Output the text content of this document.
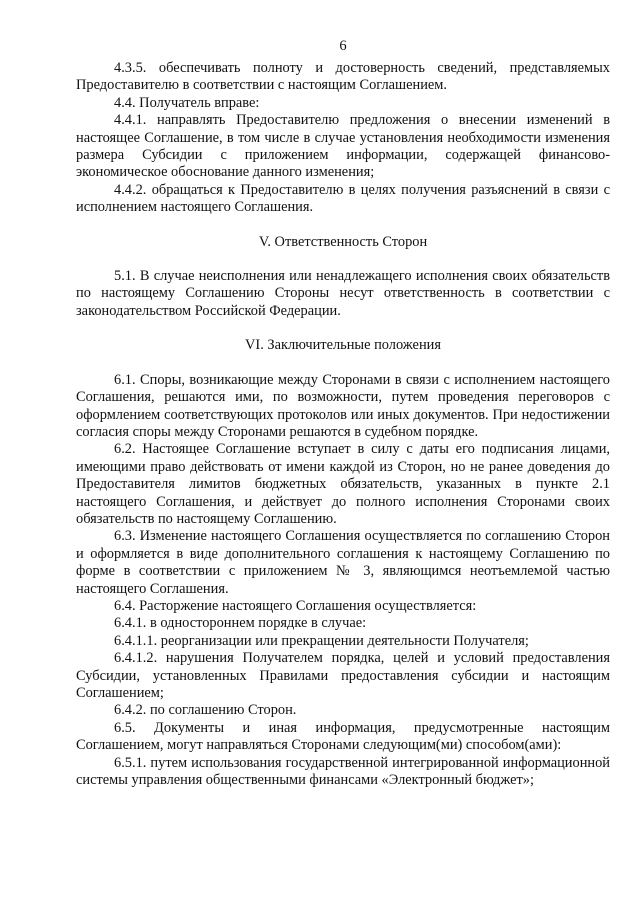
6

4.3.5. обеспечивать полноту и достоверность сведений, представляемых Предоставителю в соответствии с настоящим Соглашением.

4.4. Получатель вправе:

4.4.1. направлять Предоставителю предложения о внесении изменений в настоящее Соглашение, в том числе в случае установления необходимости изменения размера Субсидии с приложением информации, содержащей финансово-экономическое обоснование данного изменения;

4.4.2. обращаться к Предоставителю в целях получения разъяснений в связи с исполнением настоящего Соглашения.

V. Ответственность Сторон

5.1. В случае неисполнения или ненадлежащего исполнения своих обязательств по настоящему Соглашению Стороны несут ответственность в соответствии с законодательством Российской Федерации.

VI. Заключительные положения

6.1. Споры, возникающие между Сторонами в связи с исполнением настоящего Соглашения, решаются ими, по возможности, путем проведения переговоров с оформлением соответствующих протоколов или иных документов. При недостижении согласия споры между Сторонами решаются в судебном порядке.

6.2. Настоящее Соглашение вступает в силу с даты его подписания лицами, имеющими право действовать от имени каждой из Сторон, но не ранее доведения до Предоставителя лимитов бюджетных обязательств, указанных в пункте 2.1 настоящего Соглашения, и действует до полного исполнения Сторонами своих обязательств по настоящему Соглашению.

6.3. Изменение настоящего Соглашения осуществляется по соглашению Сторон и оформляется в виде дополнительного соглашения к настоящему Соглашению по форме в соответствии с приложением № 3, являющимся неотъемлемой частью настоящего Соглашения.

6.4. Расторжение настоящего Соглашения осуществляется:

6.4.1. в одностороннем порядке в случае:

6.4.1.1. реорганизации или прекращении деятельности Получателя;

6.4.1.2. нарушения Получателем порядка, целей и условий предоставления Субсидии, установленных Правилами предоставления субсидии и настоящим Соглашением;

6.4.2. по соглашению Сторон.

6.5. Документы и иная информация, предусмотренные настоящим Соглашением, могут направляться Сторонами следующим(ми) способом(ами):

6.5.1. путем использования государственной интегрированной информационной системы управления общественными финансами «Электронный бюджет»;
